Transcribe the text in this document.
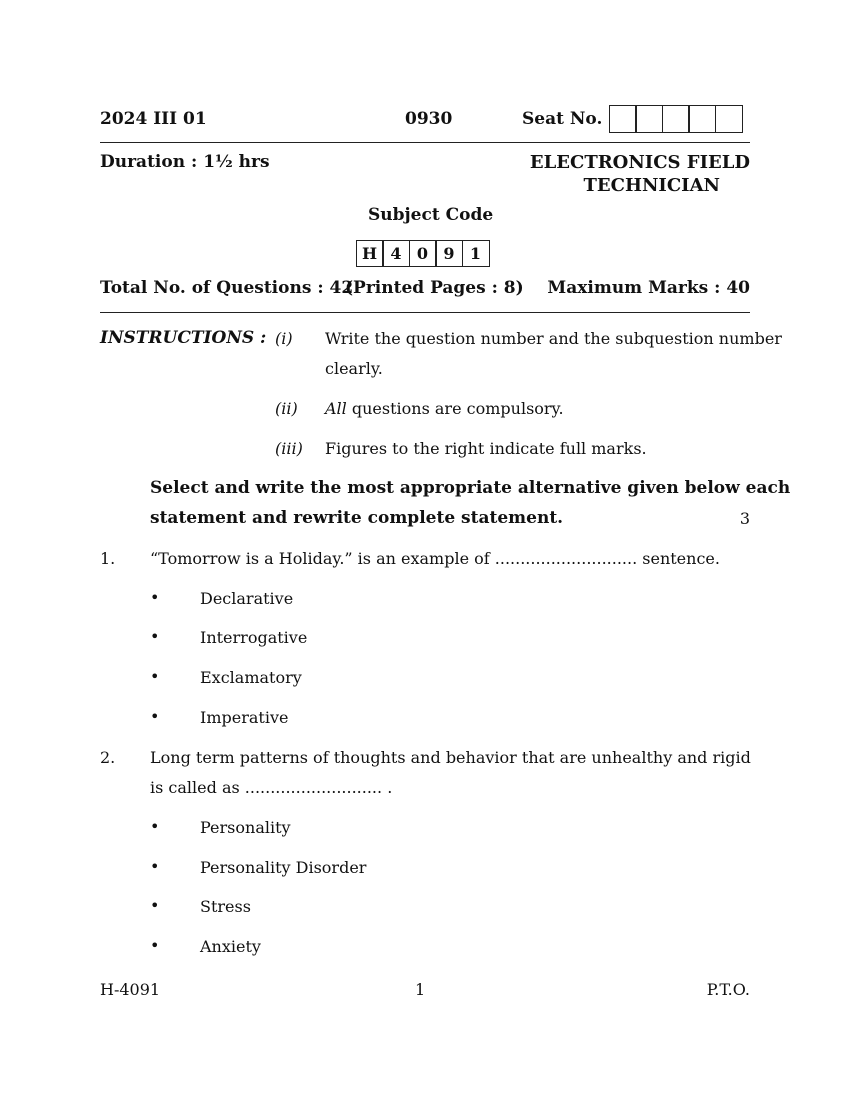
2024 III 01	0930	Seat No.
Duration : 1½ hrs	ELECTRONICS FIELD
TECHNICIAN
Subject Code
H 4 0 9 1
Total No. of Questions : 42
(Printed Pages : 8) Maximum Marks : 40
INSTRUCTIONS : (i) Write the question number and the subquestion number
clearly.
(ii) All questions are compulsory.
(iii) Figures to the right indicate full marks.
Select and write the most appropriate alternative given below each
statement and rewrite complete statement.	3
1. “Tomorrow is a Holiday.” is an example of ............................ sentence.
•	Declarative
•	Interrogative
•	Exclamatory
•	Imperative
2. Long term patterns of thoughts and behavior that are unhealthy and rigid
is called as ........................... .
•	Personality
•	Personality Disorder
•	Stress
•	Anxiety
H-4091	1	P.T.O.
